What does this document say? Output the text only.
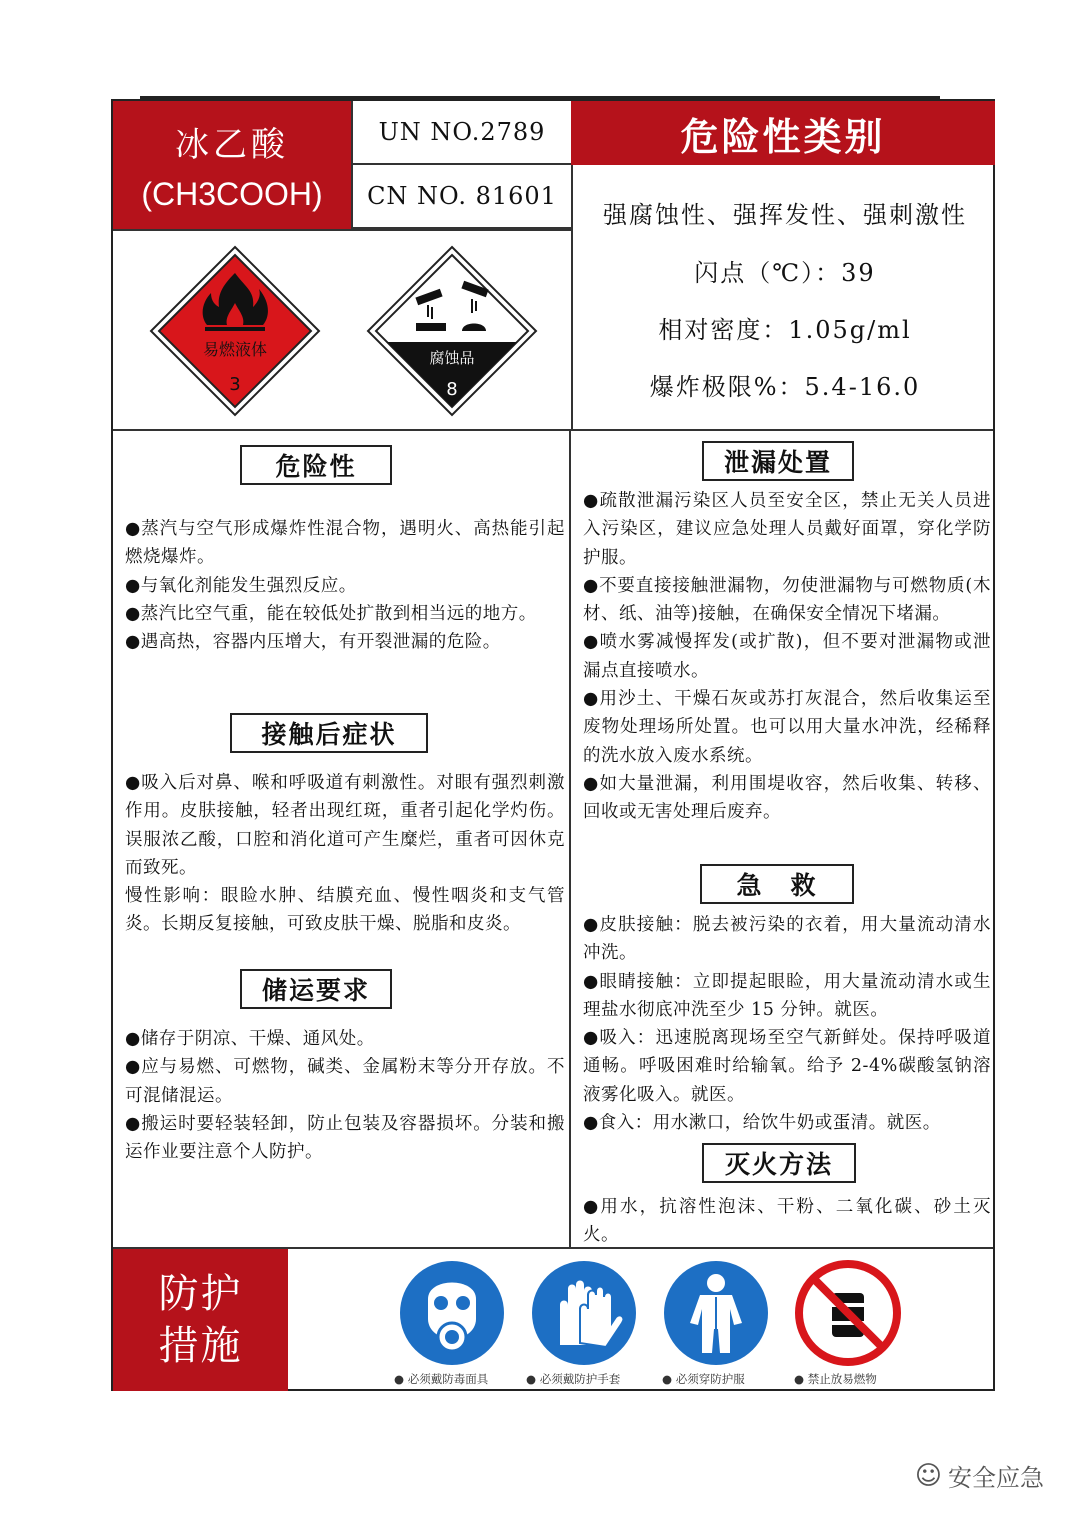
冰乙酸
(CH3COOH)
UN NO.2789
CN NO. 81601
危险性类别
强腐蚀性、强挥发性、强刺激性
闪点（℃）：39
相对密度：1.05g/ml
爆炸极限%：5.4-16.0
易燃液体
3
腐蚀品
8
危险性

●蒸汽与空气形成爆炸性混合物，遇明火、高热能引起燃烧爆炸。

●与氧化剂能发生强烈反应。

●蒸汽比空气重，能在较低处扩散到相当远的地方。

●遇高热，容器内压增大，有开裂泄漏的危险。

接触后症状

●吸入后对鼻、喉和呼吸道有刺激性。对眼有强烈刺激作用。皮肤接触，轻者出现红斑，重者引起化学灼伤。误服浓乙酸，口腔和消化道可产生糜烂，重者可因休克而致死。

慢性影响：眼睑水肿、结膜充血、慢性咽炎和支气管炎。长期反复接触，可致皮肤干燥、脱脂和皮炎。

储运要求

●储存于阴凉、干燥、通风处。

●应与易燃、可燃物，碱类、金属粉末等分开存放。不可混储混运。

●搬运时要轻装轻卸，防止包装及容器损坏。分装和搬运作业要注意个人防护。

泄漏处置

●疏散泄漏污染区人员至安全区，禁止无关人员进入污染区，建议应急处理人员戴好面罩，穿化学防护服。

●不要直接接触泄漏物，勿使泄漏物与可燃物质(木材、纸、油等)接触，在确保安全情况下堵漏。

●喷水雾减慢挥发(或扩散)，但不要对泄漏物或泄漏点直接喷水。

●用沙土、干燥石灰或苏打灰混合，然后收集运至废物处理场所处置。也可以用大量水冲洗，经稀释的洗水放入废水系统。

●如大量泄漏，利用围堤收容，然后收集、转移、回收或无害处理后废弃。

急　救

●皮肤接触：脱去被污染的衣着，用大量流动清水冲洗。

●眼睛接触：立即提起眼睑，用大量流动清水或生理盐水彻底冲洗至少 15 分钟。就医。

●吸入：迅速脱离现场至空气新鲜处。保持呼吸道通畅。呼吸困难时给输氧。给予 2-4%碳酸氢钠溶液雾化吸入。就医。

●食入：用水漱口，给饮牛奶或蛋清。就医。

灭火方法

●用水，抗溶性泡沫、干粉、二氧化碳、砂土灭火。

防护
措施
● 必须戴防毒面具	● 必须戴防护手套	● 必须穿防护服	● 禁止放易燃物
☺ 安全应急
